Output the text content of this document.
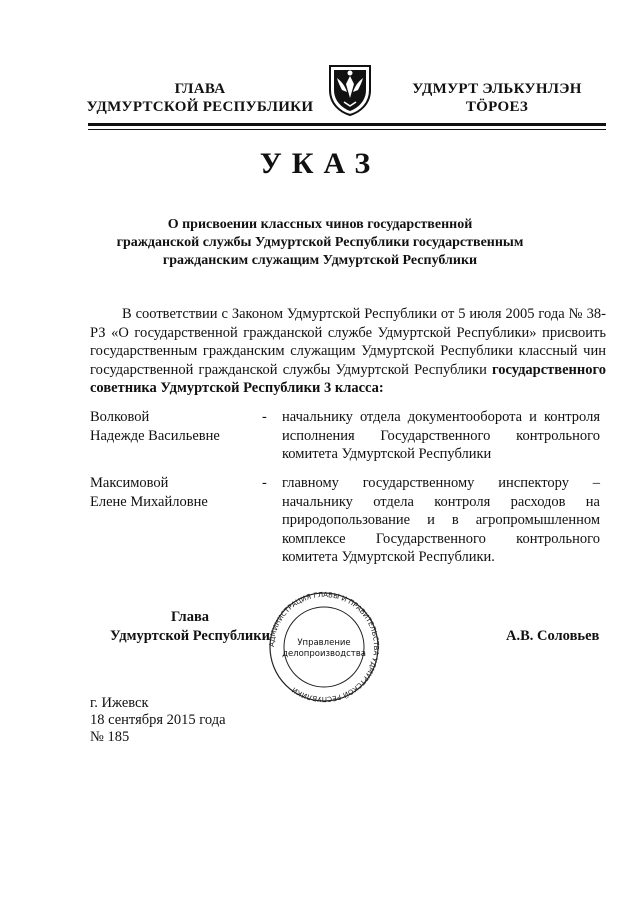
ГЛАВА
УДМУРТСКОЙ РЕСПУБЛИКИ
УДМУРТ ЭЛЬКУНЛЭН
ТӦРОЕЗ
УКАЗ
О присвоении классных чинов государственной
гражданской службы Удмуртской Республики государственным
гражданским служащим Удмуртской Республики

В соответствии с Законом Удмуртской Республики от 5 июля 2005 года № 38-РЗ «О государственной гражданской службе Удмуртской Республики» присвоить государственным гражданским служащим Удмуртской Республики классный чин государственной гражданской службы Удмуртской Республики государственного советника Удмуртской Республики 3 класса:

Волковой
Надежде Васильевне
- начальнику отдела документооборота и контроля исполнения Государственного контрольного комитета Удмуртской Республики
Максимовой
Елене Михайловне
- главному государственному инспектору – начальнику отдела контроля расходов на природопользование и в агропромышленном комплексе Государственного контрольного комитета Удмуртской Республики.
АДМИНИСТРАЦИЯ ГЛАВЫ И ПРАВИТЕЛЬСТВА УДМУРТСКОЙ РЕСПУБЛИКИ
Управление
делопроизводства
Глава
Удмуртской Республики	А.В. Соловьев
г. Ижевск
18 сентября 2015 года
№ 185
